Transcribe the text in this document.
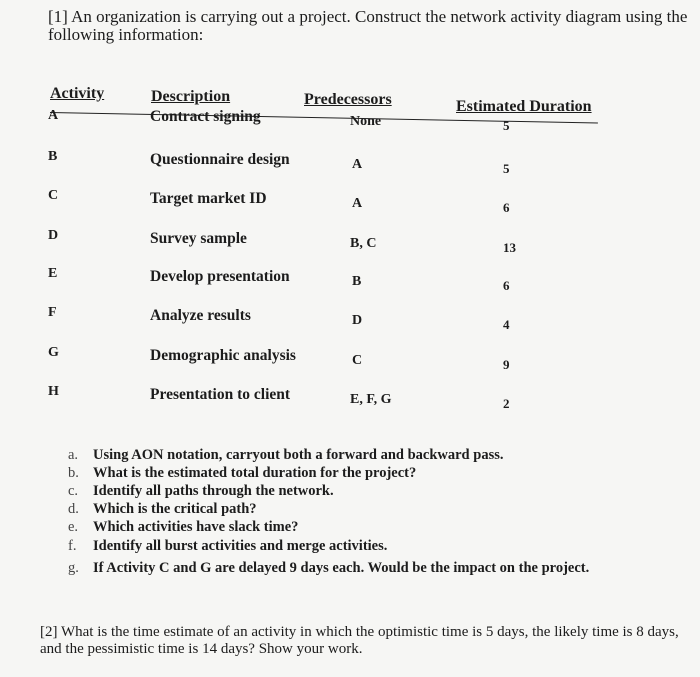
[1] An organization is carrying out a project. Construct the network activity diagram using the following information:
Activity	Description	Predecessors	Estimated Duration
A	Contract signing	None	5
B	Questionnaire design	A	5
C	Target market ID	A	6
D	Survey sample	B, C	13
E	Develop presentation	B	6
F	Analyze results	D	4
G	Demographic analysis	C	9
H	Presentation to client	E, F, G	2
a. Using AON notation, carryout both a forward and backward pass.
b. What is the estimated total duration for the project?
c. Identify all paths through the network.
d. Which is the critical path?
e. Which activities have slack time?
f. Identify all burst activities and merge activities.
g. If Activity C and G are delayed 9 days each. Would be the impact on the project.
[2] What is the time estimate of an activity in which the optimistic time is 5 days, the likely time is 8 days, and the pessimistic time is 14 days? Show your work.
